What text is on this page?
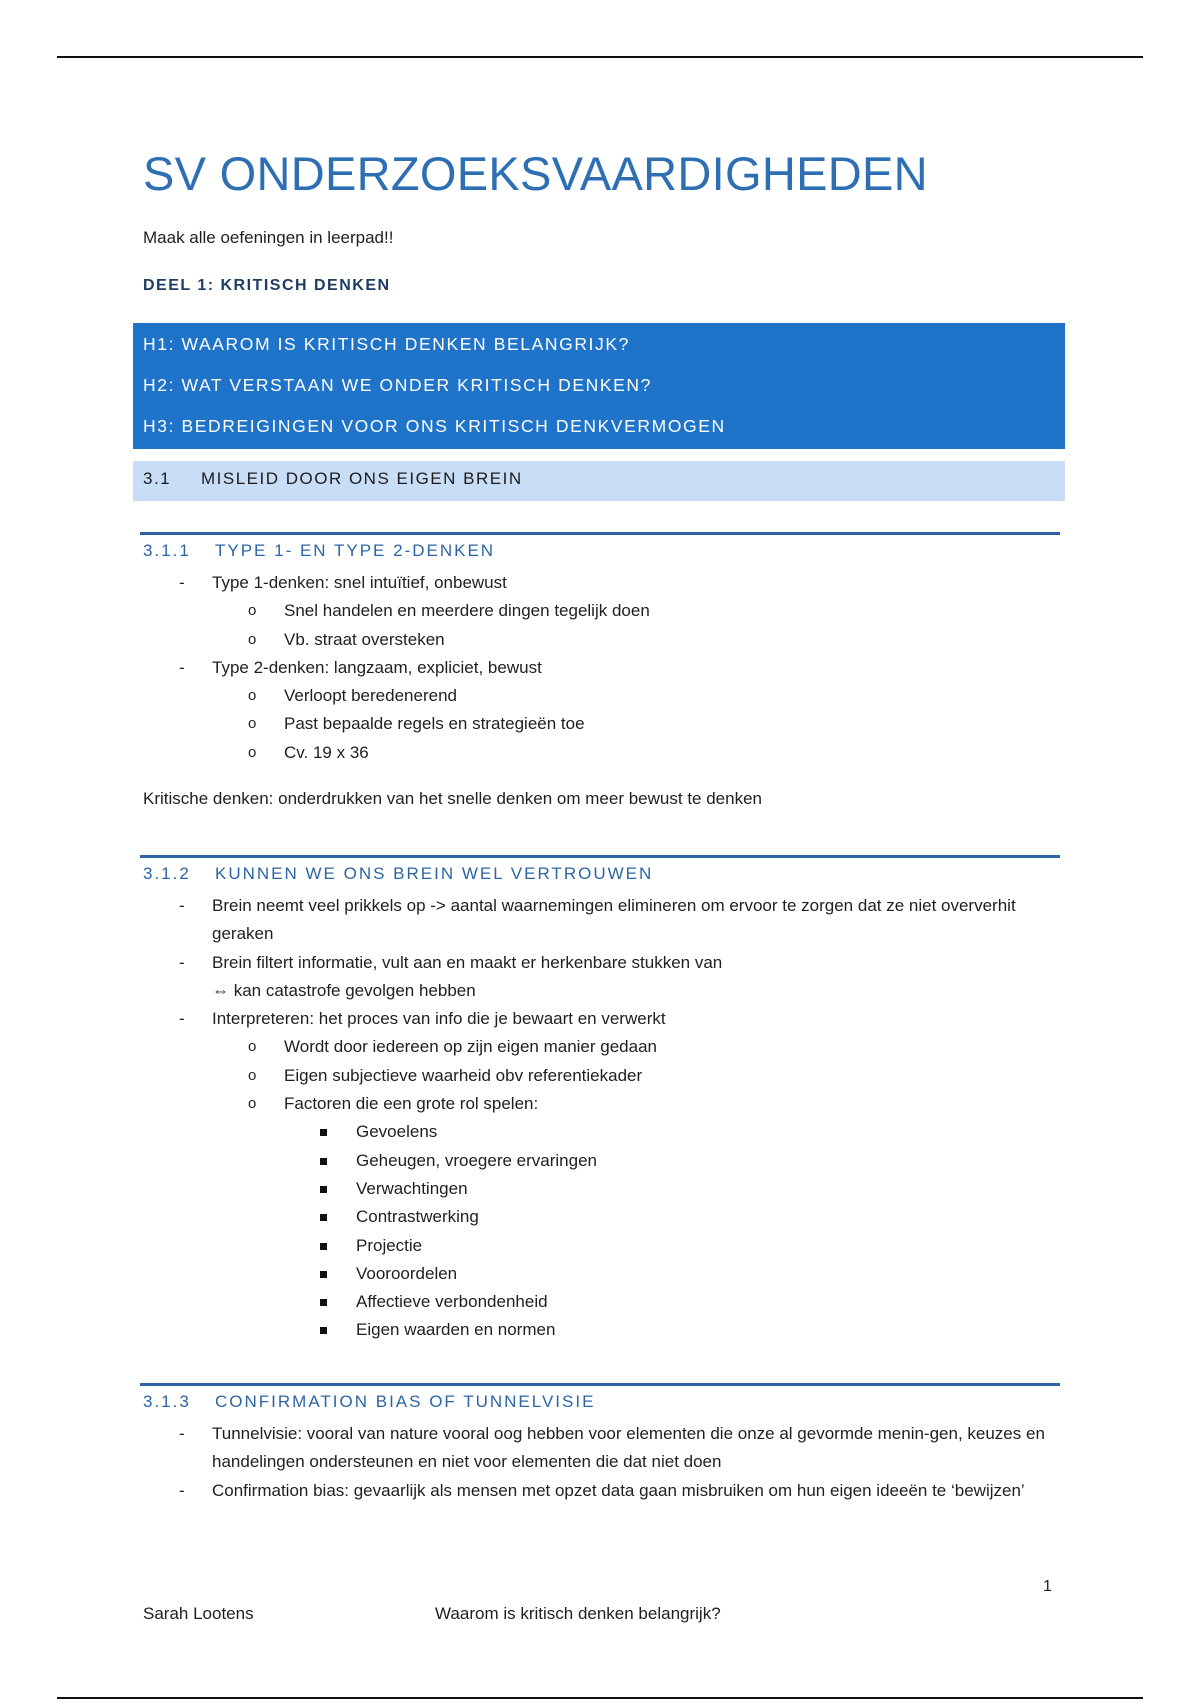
SV ONDERZOEKSVAARDIGHEDEN

Maak alle oefeningen in leerpad!!

DEEL 1: KRITISCH DENKEN

H1: WAAROM IS KRITISCH DENKEN BELANGRIJK?
H2: WAT VERSTAAN WE ONDER KRITISCH DENKEN?
H3: BEDREIGINGEN VOOR ONS KRITISCH DENKVERMOGEN
3.1 MISLEID DOOR ONS EIGEN BREIN
3.1.1 TYPE 1- EN TYPE 2-DENKEN
- Type 1-denken: snel intuïtief, onbewust
o Snel handelen en meerdere dingen tegelijk doen
o Vb. straat oversteken
- Type 2-denken: langzaam, expliciet, bewust
o Verloopt beredenerend
o Past bepaalde regels en strategieën toe
o Cv. 19 x 36
Kritische denken: onderdrukken van het snelle denken om meer bewust te denken
3.1.2 KUNNEN WE ONS BREIN WEL VERTROUWEN
- Brein neemt veel prikkels op -> aantal waarnemingen elimineren om ervoor te zorgen dat ze niet oververhit geraken
- Brein filtert informatie, vult aan en maakt er herkenbare stukken van
⇔ kan catastrofe gevolgen hebben
- Interpreteren: het proces van info die je bewaart en verwerkt
o Wordt door iedereen op zijn eigen manier gedaan
o Eigen subjectieve waarheid obv referentiekader
o Factoren die een grote rol spelen:
Gevoelens
Geheugen, vroegere ervaringen
Verwachtingen
Contrastwerking
Projectie
Vooroordelen
Affectieve verbondenheid
Eigen waarden en normen
3.1.3 CONFIRMATION BIAS OF TUNNELVISIE
- Tunnelvisie: vooral van nature vooral oog hebben voor elementen die onze al gevormde menin-gen, keuzes en handelingen ondersteunen en niet voor elementen die dat niet doen
- Confirmation bias: gevaarlijk als mensen met opzet data gaan misbruiken om hun eigen ideeën te ‘bewijzen’
1
Sarah Lootens	Waarom is kritisch denken belangrijk?
